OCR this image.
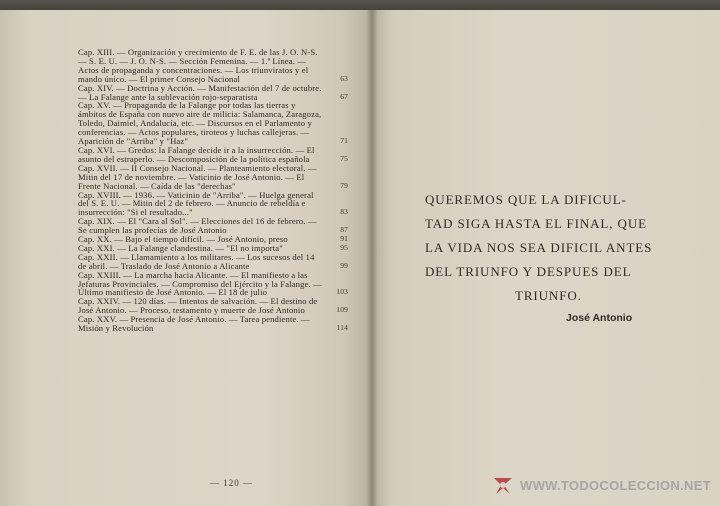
Cap. XIII. — Organización y crecimiento de F. E. de las J. O. N-S. — S. E. U. — J. O. N-S. — Sección Femenina. — 1.ª Línea. — Actos de propaganda y concentraciones. — Los triunviratos y el mando único. — El primer Consejo Nacional	63
Cap. XIV. — Doctrina y Acción. — Manifestación del 7 de octubre. — La Falange ante la sublevación rojo-separatista	67
Cap. XV. — Propaganda de la Falange por todas las tierras y ámbitos de España con nuevo aire de milicia: Salamanca, Zaragoza, Toledo, Daimiel, Andalucía, etc. — Discursos en el Parlamento y conferencias. — Actos populares, tiroteos y luchas callejeras. — Aparición de "Arriba" y "Haz"	71
Cap. XVI. — Gredos: la Falange decide ir a la insurrección. — El asunto del estraperlo. — Descomposición de la política española	75
Cap. XVII. — II Consejo Nacional. — Planteamiento electoral. — Mitin del 17 de noviembre. — Vaticinio de José Antonio. — El Frente Nacional. — Caída de las "derechas"	79
Cap. XVIII. — 1936. — Vaticinio de "Arriba". — Huelga general del S. E. U. — Mitin del 2 de febrero. — Anuncio de rebeldía e insurrección: "Si el resultado..."	83
Cap. XIX. — El "Cara al Sol". — Elecciones del 16 de febrero. — Se cumplen las profecías de José Antonio	87
Cap. XX. — Bajo el tiempo difícil. — José Antonio, preso	91
Cap. XXI. — La Falange clandestina. — "El no importa"	95
Cap. XXII. — Llamamiento a los militares. — Los sucesos del 14 de abril. — Traslado de José Antonio a Alicante	99
Cap. XXIII. — La marcha hacia Alicante. — El manifiesto a las Jefaturas Provinciales. — Compromiso del Ejército y la Falange. — Último manifiesto de José Antonio. — El 18 de julio	103
Cap. XXIV. — 120 días. — Intentos de salvación. — El destino de José Antonio. — Proceso, testamento y muerte de José Antonio	109
Cap. XXV. — Presencia de José Antonio. — Tarea pendiente. — Misión y Revolución	114
— 120 —
QUEREMOS QUE LA DIFICUL-
TAD SIGA HASTA EL FINAL, QUE
LA VIDA NOS SEA DIFICIL ANTES
DEL TRIUNFO Y DESPUES DEL
TRIUNFO.
José Antonio
WWW.TODOCOLECCION.NET
